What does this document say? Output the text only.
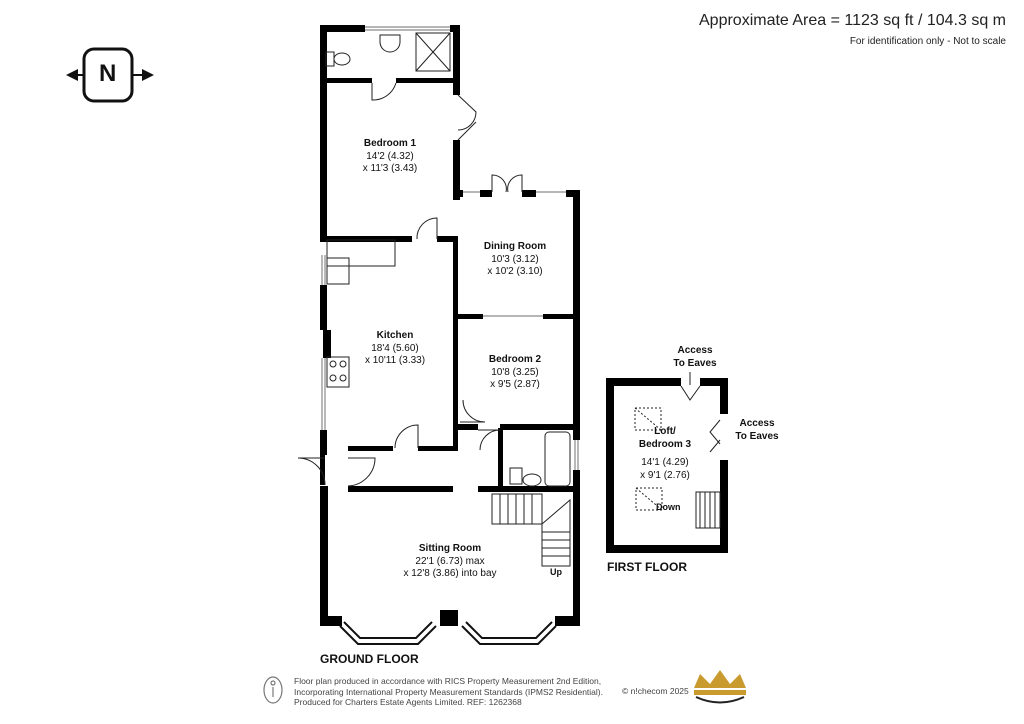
Approximate Area = 1123 sq ft / 104.3 sq m
For identification only - Not to scale
N
Bedroom 1
14'2 (4.32)
x 11'3 (3.43)
Dining Room
10'3 (3.12)
x 10'2 (3.10)
Kitchen
18'4 (5.60)
x 10'11 (3.33)	Bedroom 2
10'8 (3.25)
x 9'5 (2.87)
Sitting Room
22'1 (6.73) max
x 12'8 (3.86) into bay
Loft/
Bedroom 3
14'1 (4.29)
x 9'1 (2.76)
Access
To Eaves
Access
To Eaves
Up
Down
GROUND FLOOR
FIRST FLOOR
Floor plan produced in accordance with RICS Property Measurement 2nd Edition,
Incorporating International Property Measurement Standards (IPMS2 Residential).
Produced for Charters Estate Agents Limited. REF: 1262368
© n!checom 2025
